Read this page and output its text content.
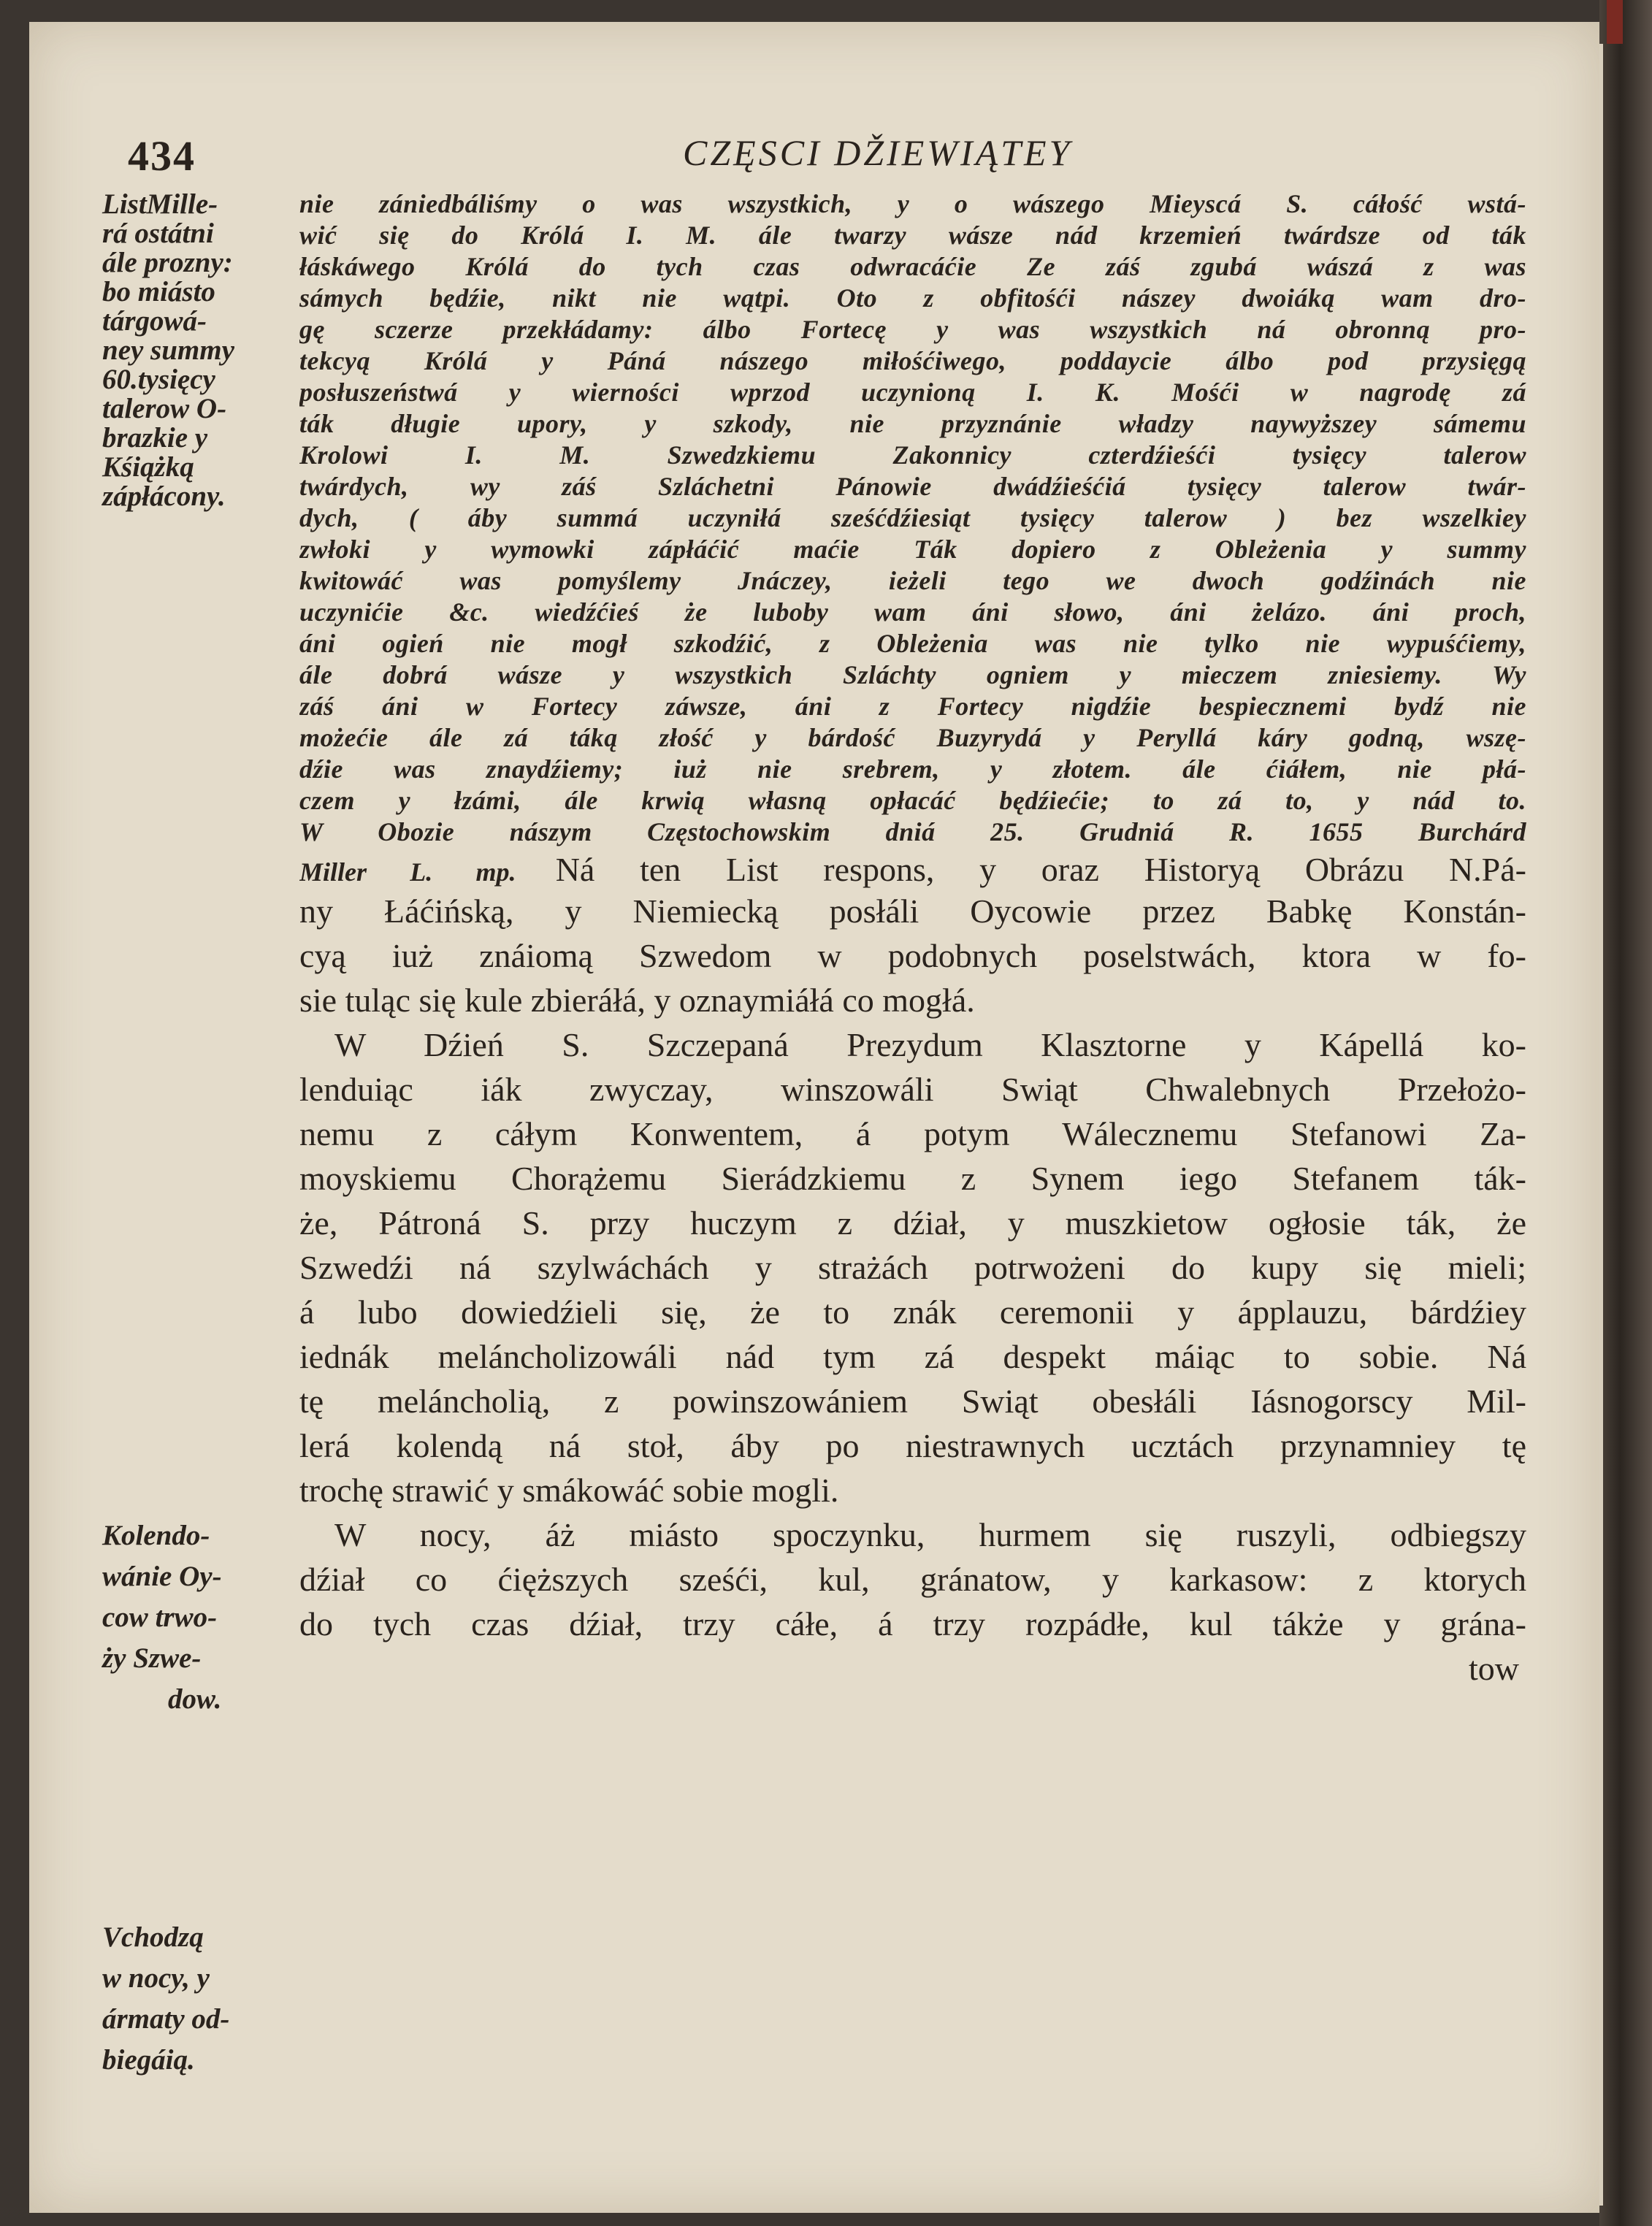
434	CZĘSCI DŽIEWIĄTEY
ListMille-
rá ostátni
ále prozny:
bo miásto
tárgowá-
ney summy
60.tysięcy
talerow O-
brazkie y
Kśiążką
zápłácony.
Kolendo-
wánie Oy-
cow trwo-
ży Szwe-
dow.
Vchodzą
w nocy, y
ármaty od-
biegáią.
nie zániedbáliśmy o was wszystkich, y o wászego Mieyscá S. cáłość wstá-
wić się do Królá I. M. ále twarzy wásze nád krzemień twárdsze od ták
łáskáwego Królá do tych czas odwracáćie Ze záś zgubá wászá z was
sámych będźie, nikt nie wątpi. Oto z obfitośći nászey dwoiáką wam dro-
gę sczerze przekłádamy: álbo Fortecę y was wszystkich ná obronną pro-
tekcyą Królá y Páná nászego miłośćiwego, poddaycie álbo pod przysięgą
posłuszeństwá y wierności wprzod uczynioną I. K. Mośći w nagrodę zá
ták długie upory, y szkody, nie przyznánie władzy naywyższey sámemu
Krolowi I. M. Szwedzkiemu Zakonnicy czterdźieśći tysięcy talerow
twárdych, wy záś Szláchetni Pánowie dwádźieśćiá tysięcy talerow twár-
dych, ( áby summá uczyniłá sześćdźiesiąt tysięcy talerow ) bez wszelkiey
zwłoki y wymowki zápłáćić maćie Ták dopiero z Obleżenia y summy
kwitowáć was pomyślemy Jnáczey, ieżeli tego we dwoch godźinách nie
uczynićie &c. wiedźćieś że luboby wam áni słowo, áni żelázo. áni proch,
áni ogień nie mogł szkodźić, z Obleżenia was nie tylko nie wypuśćiemy,
ále dobrá wásze y wszystkich Szláchty ogniem y mieczem zniesiemy. Wy
záś áni w Fortecy záwsze, áni z Fortecy nigdźie bespiecznemi bydź nie
możećie ále zá táką złość y bárdość Buzyrydá y Peryllá káry godną, wszę-
dźie was znaydźiemy; iuż nie srebrem, y złotem. ále ćiáłem, nie płá-
czem y łzámi, ále krwią własną opłacáć będźiećie; to zá to, y nád to.
W Obozie nászym Częstochowskim dniá 25. Grudniá R. 1655 Burchárd
Miller L. mp. Ná ten List respons, y oraz Historyą Obrázu N.Pá-
ny Łáćińską, y Niemiecką posłáli Oycowie przez Babkę Konstán-
cyą iuż znáiomą Szwedom w podobnych poselstwách, ktora w fo-
sie tuląc się kule zbieráłá, y oznaymiáłá co mogłá.
W Dźień S. Szczepaná Prezydum Klasztorne y Kápellá ko-
lenduiąc iák zwyczay, winszowáli Swiąt Chwalebnych Przełożo-
nemu z cáłym Konwentem, á potym Wálecznemu Stefanowi Za-
moyskiemu Chorążemu Sierádzkiemu z Synem iego Stefanem ták-
że, Pátroná S. przy huczym z dźiał, y muszkietow ogłosie ták, że
Szwedźi ná szylwáchách y strażách potrwożeni do kupy się mieli;
á lubo dowiedźieli się, że to znák ceremonii y ápplauzu, bárdźiey
iednák meláncholizowáli nád tym zá despekt máiąc to sobie. Ná
tę meláncholią, z powinszowániem Swiąt obesłáli Iásnogorscy Mil-
lerá kolendą ná stoł, áby po niestrawnych ucztách przynamniey tę
trochę strawić y smákowáć sobie mogli.
W nocy, áż miásto spoczynku, hurmem się ruszyli, odbiegszy
dźiał co ćięższych sześći, kul, gránatow, y karkasow: z ktorych
do tych czas dźiał, trzy cáłe, á trzy rozpádłe, kul tákże y grána-
tow
